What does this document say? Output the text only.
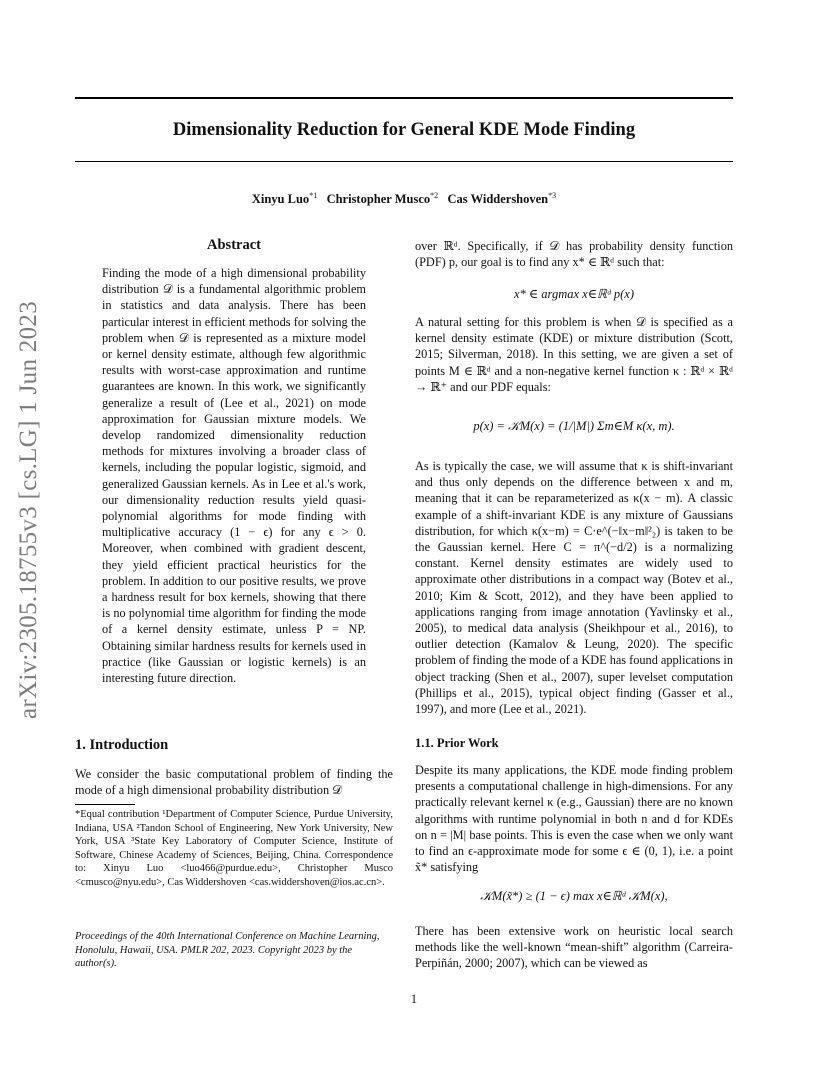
Dimensionality Reduction for General KDE Mode Finding
Xinyu Luo$^{*1}$ Christopher Musco$^{*2}$ Cas Widdershoven$^{*3}$
arXiv:2305.18755v3 [cs.LG] 1 Jun 2023
Abstract

Finding the mode of a high dimensional probability distribution 𝒟 is a fundamental algorithmic problem in statistics and data analysis. There has been particular interest in efficient methods for solving the problem when 𝒟 is represented as a mixture model or kernel density estimate, although few algorithmic results with worst-case approximation and runtime guarantees are known. In this work, we significantly generalize a result of (Lee et al., 2021) on mode approximation for Gaussian mixture models. We develop randomized dimensionality reduction methods for mixtures involving a broader class of kernels, including the popular logistic, sigmoid, and generalized Gaussian kernels. As in Lee et al.'s work, our dimensionality reduction results yield quasi-polynomial algorithms for mode finding with multiplicative accuracy (1 − ϵ) for any ϵ > 0. Moreover, when combined with gradient descent, they yield efficient practical heuristics for the problem. In addition to our positive results, we prove a hardness result for box kernels, showing that there is no polynomial time algorithm for finding the mode of a kernel density estimate, unless P = NP. Obtaining similar hardness results for kernels used in practice (like Gaussian or logistic kernels) is an interesting future direction.

1. Introduction

We consider the basic computational problem of finding the mode of a high dimensional probability distribution 𝒟

*Equal contribution ¹Department of Computer Science, Purdue University, Indiana, USA ²Tandon School of Engineering, New York University, New York, USA ³State Key Laboratory of Computer Science, Institute of Software, Chinese Academy of Sciences, Beijing, China. Correspondence to: Xinyu Luo <luo466@purdue.edu>, Christopher Musco <cmusco@nyu.edu>, Cas Widdershoven <cas.widdershoven@ios.ac.cn>.

Proceedings of the 40th International Conference on Machine Learning, Honolulu, Hawaii, USA. PMLR 202, 2023. Copyright 2023 by the author(s).

over ℝᵈ. Specifically, if 𝒟 has probability density function (PDF) p, our goal is to find any x* ∈ ℝᵈ such that:

x* ∈ argmax x∈ℝᵈ p(x)

A natural setting for this problem is when 𝒟 is specified as a kernel density estimate (KDE) or mixture distribution (Scott, 2015; Silverman, 2018). In this setting, we are given a set of points M ∈ ℝᵈ and a non-negative kernel function κ : ℝᵈ × ℝᵈ → ℝ⁺ and our PDF equals:

p(x) = 𝒦M(x) = (1/|M|) Σm∈M κ(x, m).

As is typically the case, we will assume that κ is shift-invariant and thus only depends on the difference between x and m, meaning that it can be reparameterized as κ(x − m). A classic example of a shift-invariant KDE is any mixture of Gaussians distribution, for which κ(x−m) = C·e^(−‖x−m‖²₂) is taken to be the Gaussian kernel. Here C = π^(−d/2) is a normalizing constant. Kernel density estimates are widely used to approximate other distributions in a compact way (Botev et al., 2010; Kim & Scott, 2012), and they have been applied to applications ranging from image annotation (Yavlinsky et al., 2005), to medical data analysis (Sheikhpour et al., 2016), to outlier detection (Kamalov & Leung, 2020). The specific problem of finding the mode of a KDE has found applications in object tracking (Shen et al., 2007), super levelset computation (Phillips et al., 2015), typical object finding (Gasser et al., 1997), and more (Lee et al., 2021).

1.1. Prior Work

Despite its many applications, the KDE mode finding problem presents a computational challenge in high-dimensions. For any practically relevant kernel κ (e.g., Gaussian) there are no known algorithms with runtime polynomial in both n and d for KDEs on n = |M| base points. This is even the case when we only want to find an ϵ-approximate mode for some ϵ ∈ (0, 1), i.e. a point x̃* satisfying

𝒦M(x̃*) ≥ (1 − ϵ) max x∈ℝᵈ 𝒦M(x),

There has been extensive work on heuristic local search methods like the well-known “mean-shift” algorithm (Carreira-Perpiñán, 2000; 2007), which can be viewed as

1
